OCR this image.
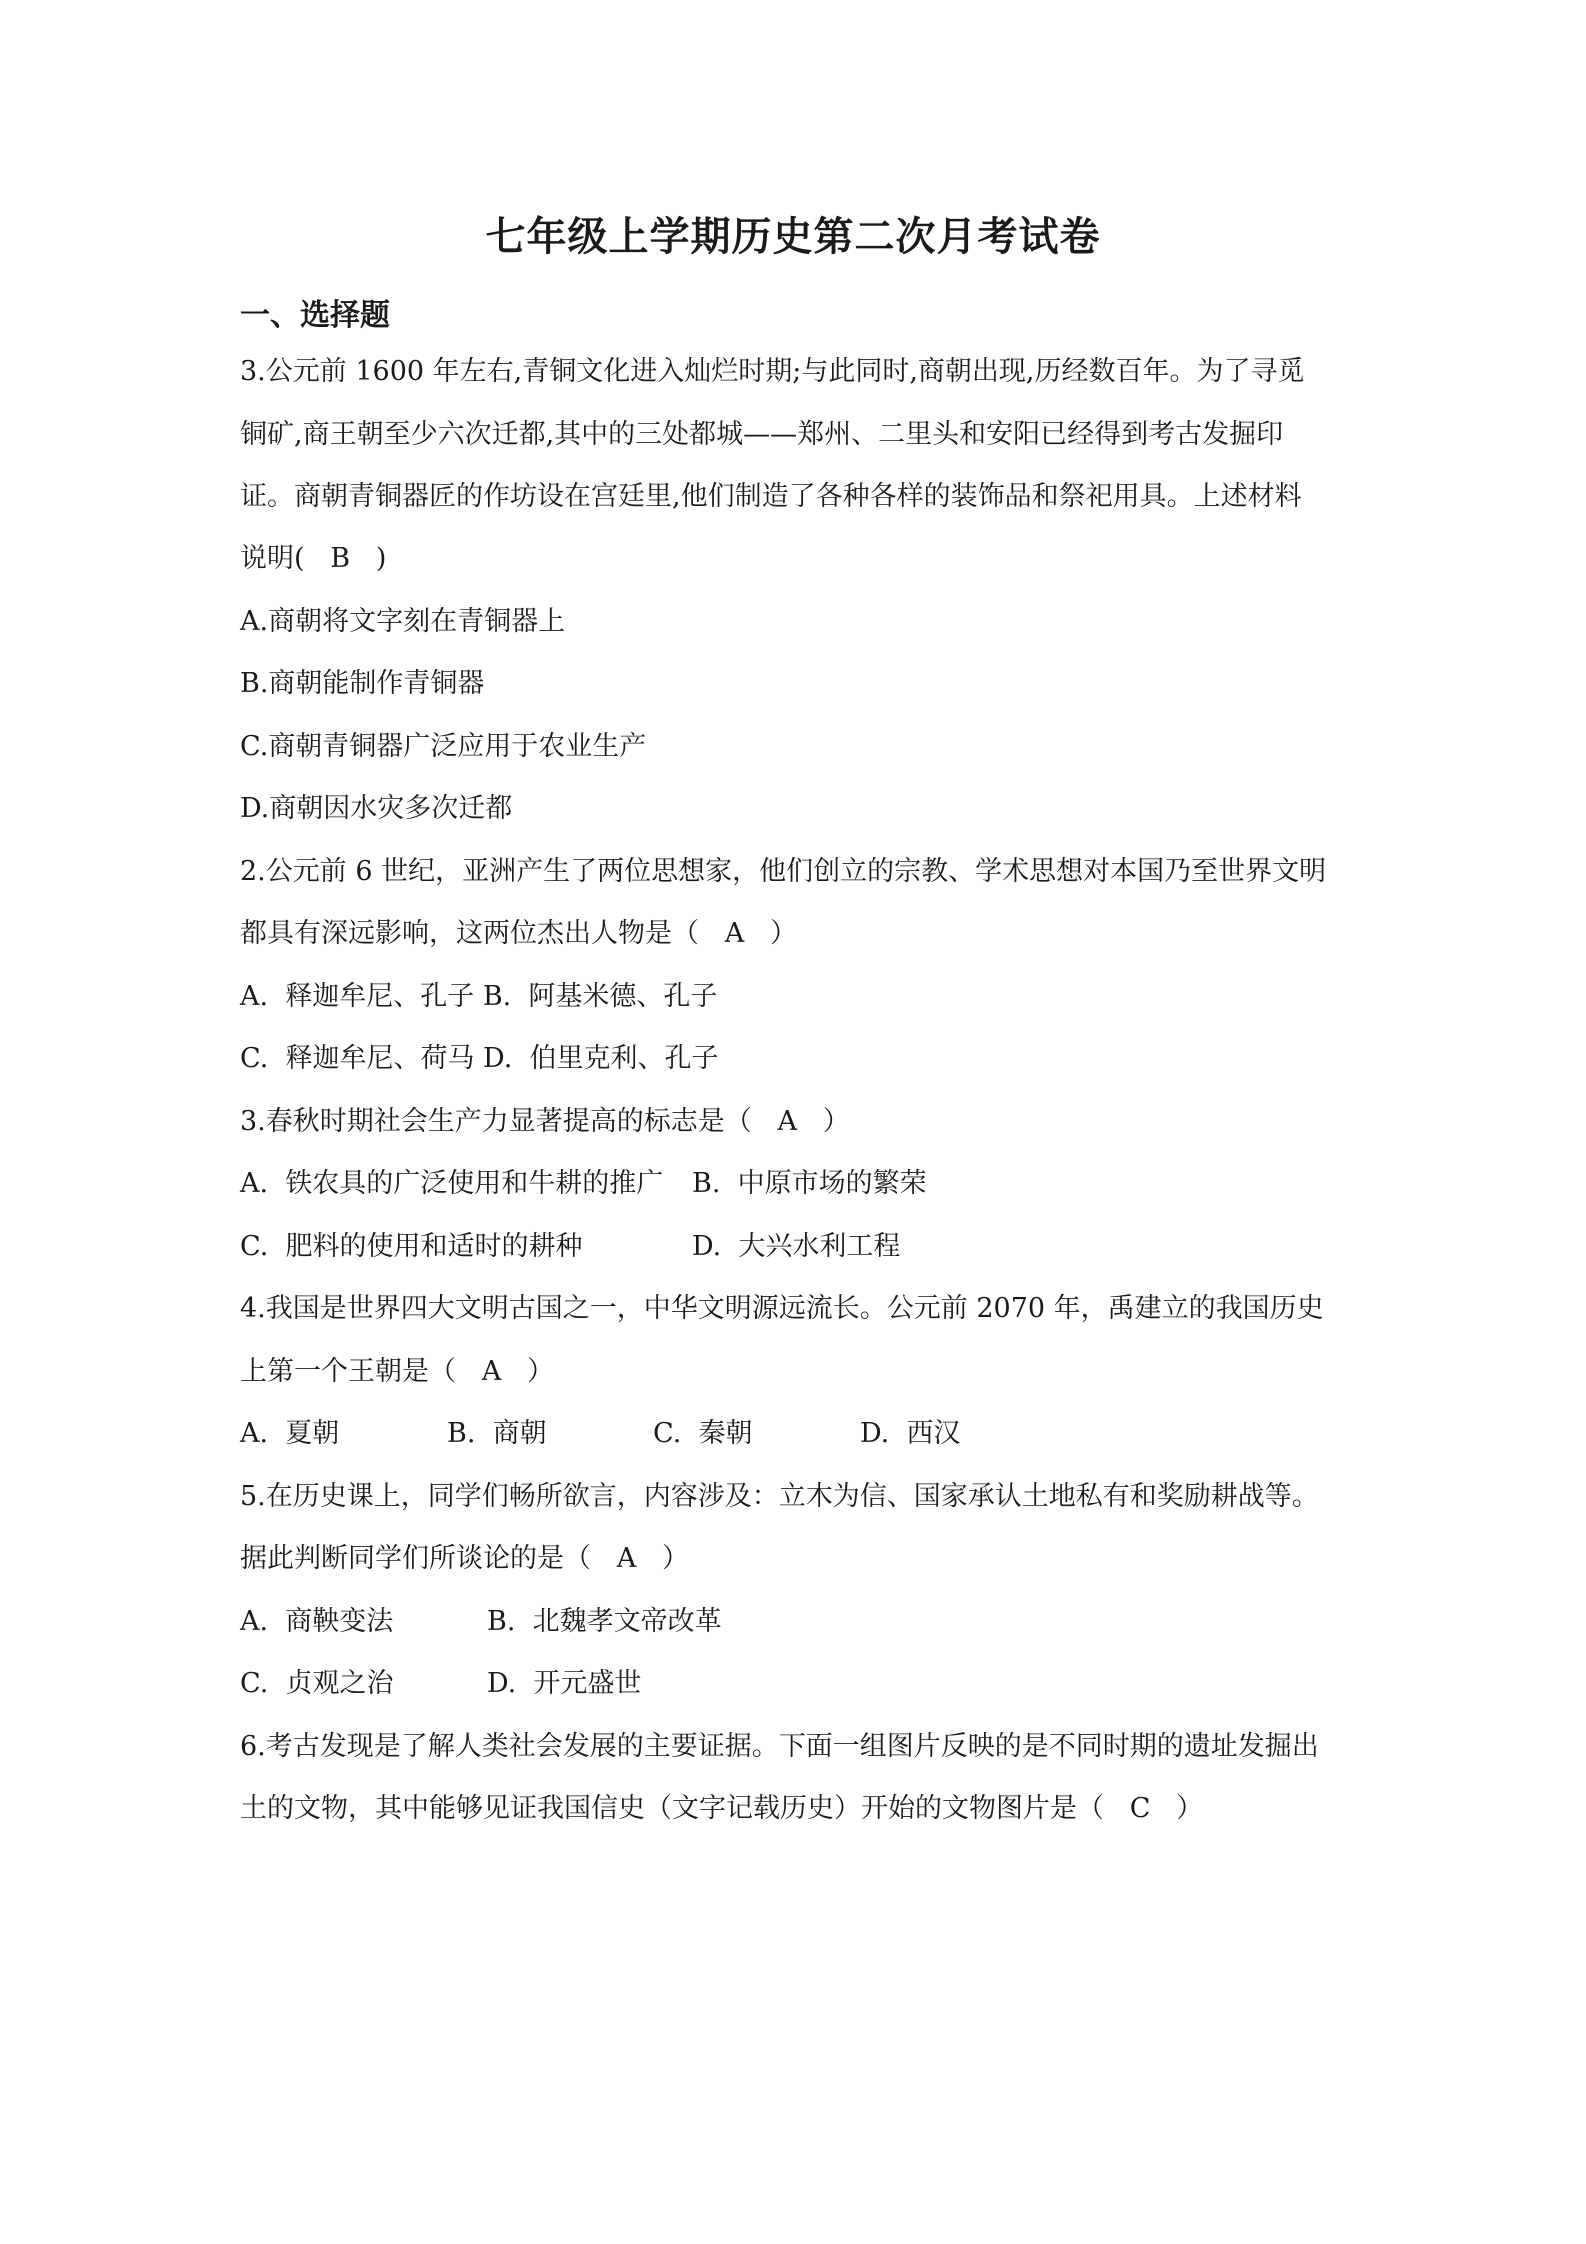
七年级上学期历史第二次月考试卷
一、选择题
3.公元前 1600 年左右,青铜文化进入灿烂时期;与此同时,商朝出现,历经数百年。为了寻觅
铜矿,商王朝至少六次迁都,其中的三处都城——郑州、二里头和安阳已经得到考古发掘印
证。商朝青铜器匠的作坊设在宫廷里,他们制造了各种各样的装饰品和祭祀用具。上述材料
说明(   B   )
A.商朝将文字刻在青铜器上
B.商朝能制作青铜器
C.商朝青铜器广泛应用于农业生产
D.商朝因水灾多次迁都
2.公元前 6 世纪，亚洲产生了两位思想家，他们创立的宗教、学术思想对本国乃至世界文明
都具有深远影响，这两位杰出人物是（   A   ）
A.  释迦牟尼、孔子 B.  阿基米德、孔子
C.  释迦牟尼、荷马 D.  伯里克利、孔子
3.春秋时期社会生产力显著提高的标志是（   A   ）

A.  铁农具的广泛使用和牛耕的推广

B.  中原市场的繁荣

C.  肥料的使用和适时的耕种

	D.  大兴水利工程

4.我国是世界四大文明古国之一，中华文明源远流长。公元前 2070 年，禹建立的我国历史
上第一个王朝是（   A   ）

A.  夏朝

	B.  商朝

	C.  秦朝

	D.  西汉

5.在历史课上，同学们畅所欲言，内容涉及：立木为信、国家承认土地私有和奖励耕战等。
据此判断同学们所谈论的是（   A   ）

A.  商鞅变法

	B.  北魏孝文帝改革

C.  贞观之治

	D.  开元盛世

6.考古发现是了解人类社会发展的主要证据。下面一组图片反映的是不同时期的遗址发掘出
土的文物，其中能够见证我国信史（文字记载历史）开始的文物图片是（   C   ）
